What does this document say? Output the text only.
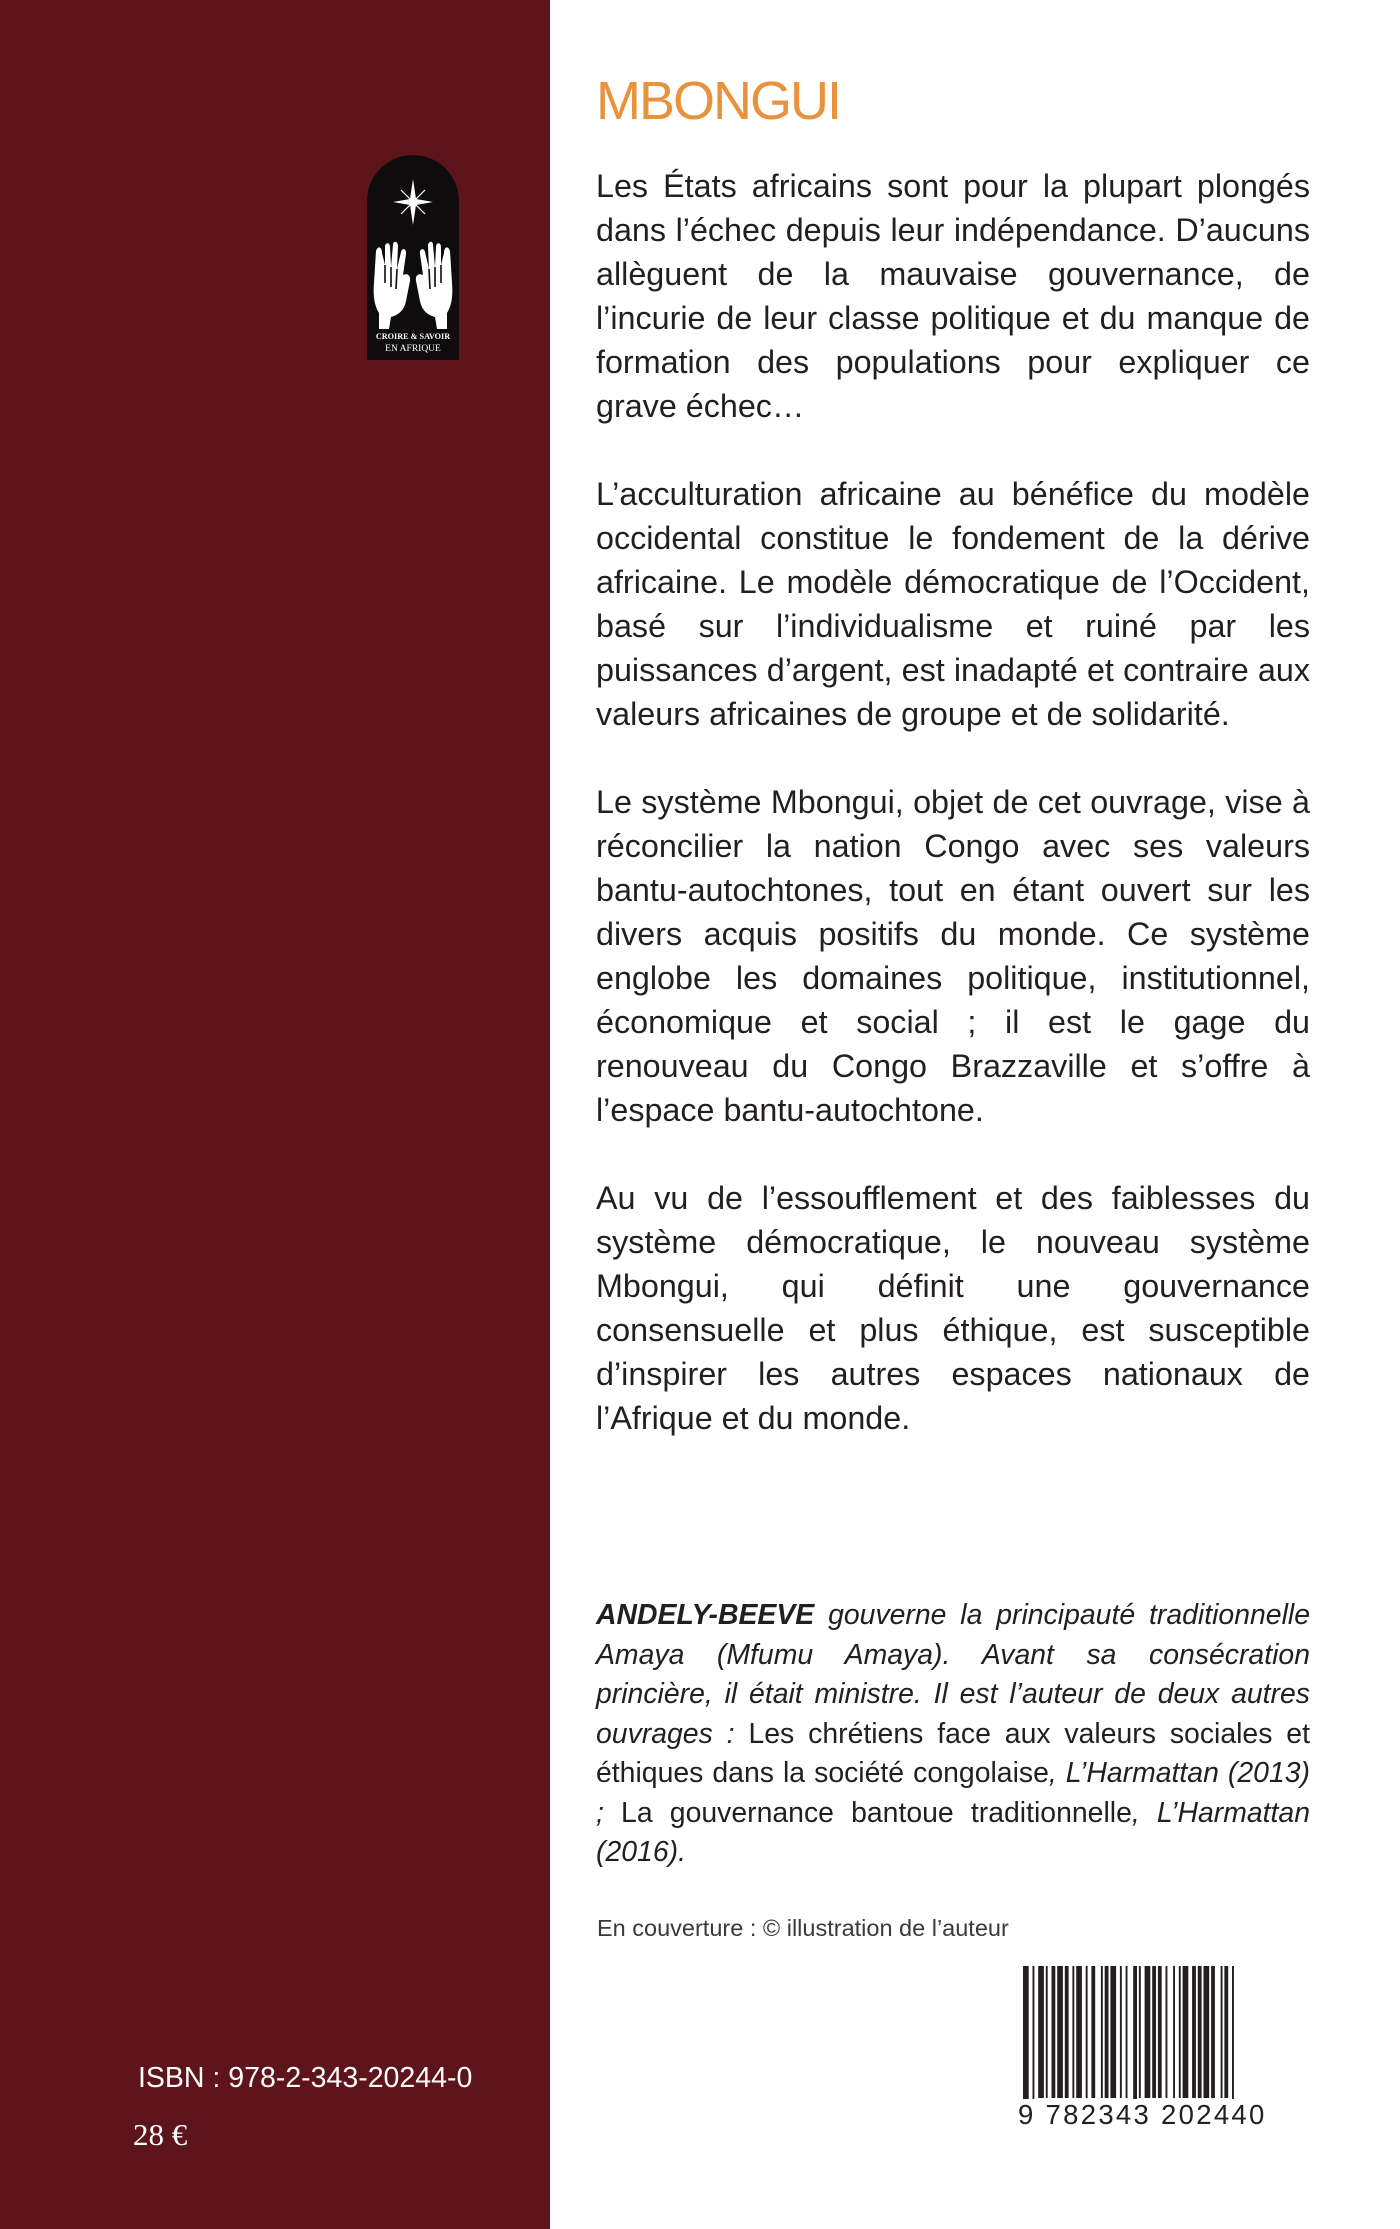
CROIRE & SAVOIR
EN AFRIQUE
ISBN : 978-2-343-20244-0
28 €
MBONGUI

Les États africains sont pour la plupart plongés dans l’échec depuis leur indépendance. D’aucuns allèguent de la mauvaise gouvernance, de l’incurie de leur classe politique et du manque de formation des populations pour expliquer ce grave échec…

L’acculturation africaine au bénéfice du modèle occidental constitue le fondement de la dérive africaine. Le modèle démocratique de l’Occident, basé sur l’individualisme et ruiné par les puissances d’argent, est inadapté et contraire aux valeurs africaines de groupe et de solidarité.

Le système Mbongui, objet de cet ouvrage, vise à réconcilier la nation Congo avec ses valeurs bantu-autochtones, tout en étant ouvert sur les divers acquis positifs du monde. Ce système englobe les domaines politique, institutionnel, économique et social ; il est le gage du renouveau du Congo Brazzaville et s’offre à l’espace bantu-autochtone.

Au vu de l’essoufflement et des faiblesses du système démocratique, le nouveau système Mbongui, qui définit une gouvernance consensuelle et plus éthique, est susceptible d’inspirer les autres espaces nationaux de l’Afrique et du monde.

ANDELY-BEEVE gouverne la principauté traditionnelle Amaya (Mfumu Amaya). Avant sa consécration princière, il était ministre. Il est l’auteur de deux autres ouvrages : Les chrétiens face aux valeurs sociales et éthiques dans la société congolaise, L’Harmattan (2013) ; La gouvernance bantoue traditionnelle, L’Harmattan (2016).
En couverture : © illustration de l’auteur
9 782343 202440
